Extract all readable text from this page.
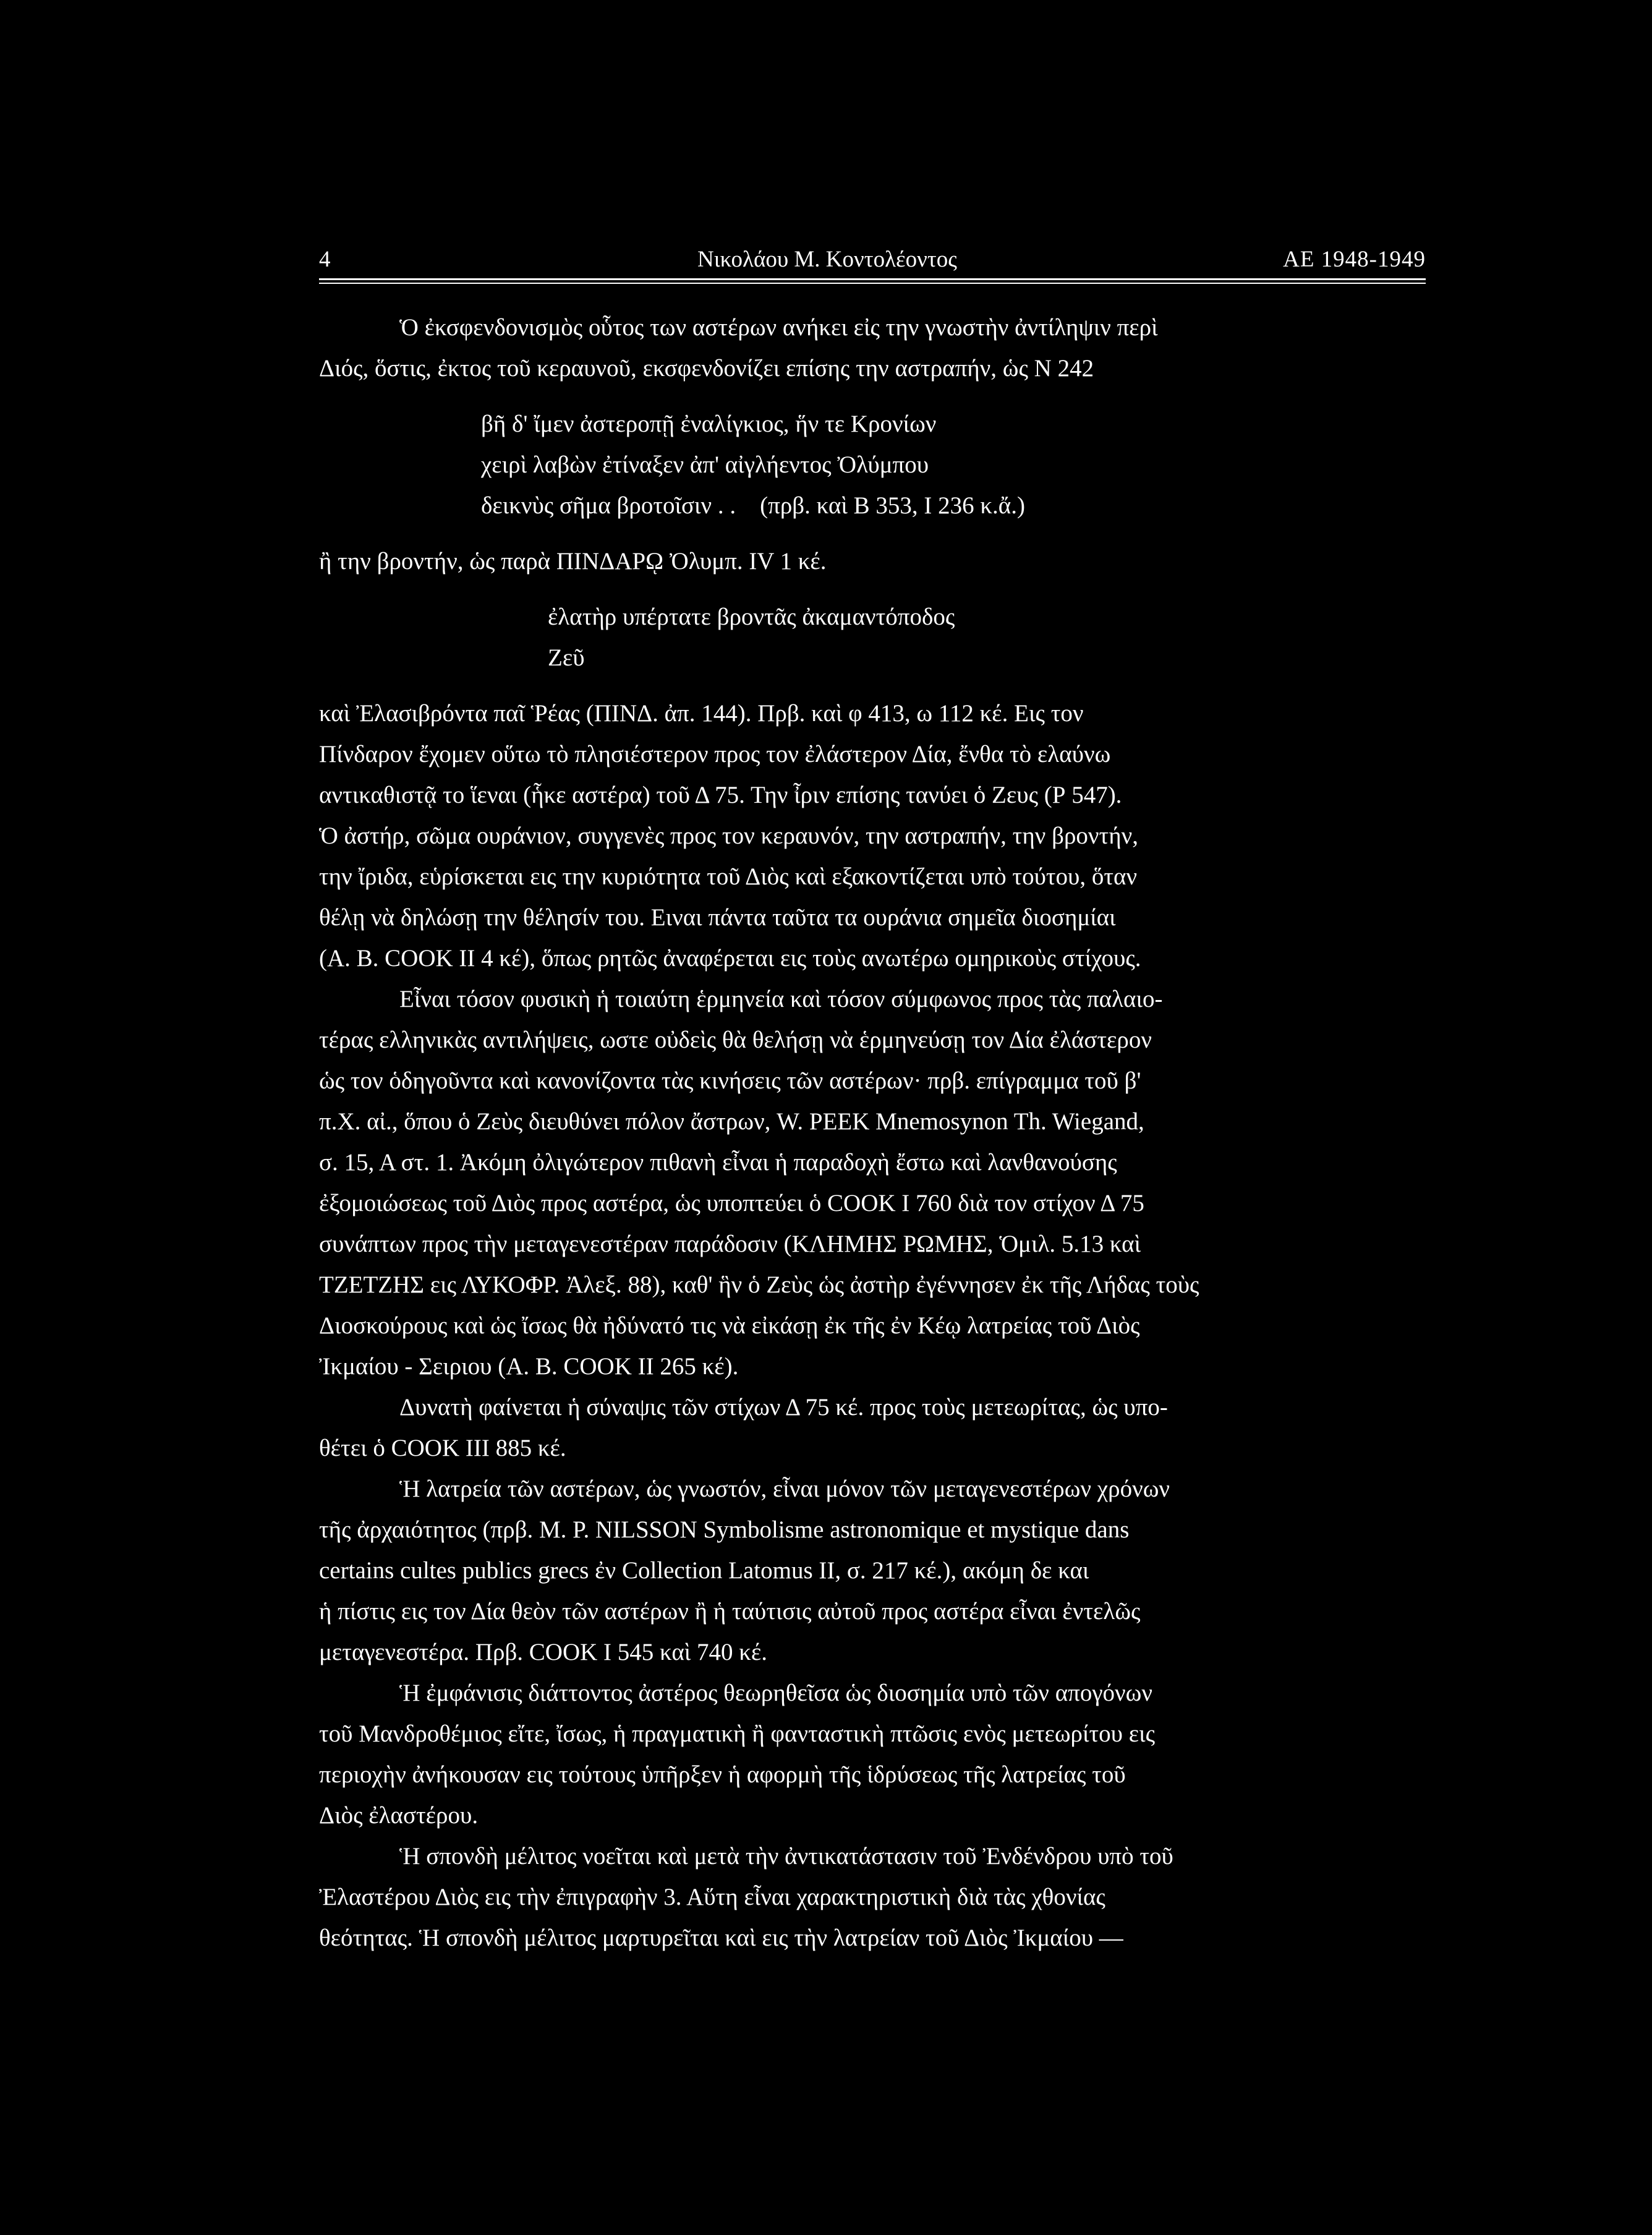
4	Νικολάου Μ. Κοντολέοντος	ΑΕ 1948-1949

Ὁ ἐκσφενδονισμὸς οὗτος των αστέρων ανήκει εἰς την γνωστὴν ἀντίληψιν περὶ

Διός, ὅστις, ἐκτος τοῦ κεραυνοῦ, εκσφενδονίζει επίσης την αστραπήν, ὡς Ν 242

βῆ δ' ἴμεν ἀστεροπῇ ἐναλίγκιος, ἥν τε Κρονίων
χειρὶ λαβὼν ἐτίναξεν ἀπ' αἰγλήεντος Ὀλύμπου
δεικνὺς σῆμα βροτοῖσιν . .    (πρβ. καὶ Β 353, Ι 236 κ.ἄ.)

ἢ την βροντήν, ὡς παρὰ ΠΙΝΔΑΡῼ Ὀλυμπ. IV 1 κέ.

ἐλατὴρ υπέρτατε βροντᾶς ἀκαμαντόποδος
Ζεῦ

καὶ Ἐλασιβρόντα παῖ Ῥέας (ΠΙΝΔ. ἀπ. 144). Πρβ. καὶ φ 413, ω 112 κέ. Εις τον

Πίνδαρον ἔχομεν οὕτω τὸ πλησιέστερον προς τον ἐλάστερον Δία, ἔνθα τὸ ελαύνω

αντικαθιστᾷ το ἵεναι (ἧκε αστέρα) τοῦ Δ 75. Την ἶριν επίσης τανύει ὁ Ζευς (Ρ 547).

Ὁ ἀστήρ, σῶμα ουράνιον, συγγενὲς προς τον κεραυνόν, την αστραπήν, την βροντήν,

την ἴριδα, εὑρίσκεται εις την κυριότητα τοῦ Διὸς καὶ εξακοντίζεται υπὸ τούτου, ὅταν

θέλῃ νὰ δηλώσῃ την θέλησίν του. Ειναι πάντα ταῦτα τα ουράνια σημεῖα διοσημίαι

(A. B. COOK II 4 κέ), ὅπως ρητῶς ἀναφέρεται εις τοὺς ανωτέρω ομηρικοὺς στίχους.

Εἶναι τόσον φυσικὴ ἡ τοιαύτη ἑρμηνεία καὶ τόσον σύμφωνος προς τὰς παλαιο-

τέρας ελληνικὰς αντιλήψεις, ωστε οὐδεὶς θὰ θελήσῃ νὰ ἑρμηνεύσῃ τον Δία ἐλάστερον

ὡς τον ὁδηγοῦντα καὶ κανονίζοντα τὰς κινήσεις τῶν αστέρων· πρβ. επίγραμμα τοῦ β'

π.Χ. αἰ., ὅπου ὁ Ζεὺς διευθύνει πόλον ἄστρων, W. PEEK Mnemosynon Th. Wiegand,

σ. 15, Α στ. 1. Ἀκόμη ὀλιγώτερον πιθανὴ εἶναι ἡ παραδοχὴ ἔστω καὶ λανθανούσης

ἐξομοιώσεως τοῦ Διὸς προς αστέρα, ὡς υποπτεύει ὁ COOK I 760 διὰ τον στίχον Δ 75

συνάπτων προς τὴν μεταγενεστέραν παράδοσιν (ΚΛΗΜΗΣ ΡΩΜΗΣ, Ὁμιλ. 5.13 καὶ

ΤΖΕΤΖΗΣ εις ΛΥΚΟΦΡ. Ἀλεξ. 88), καθ' ἣν ὁ Ζεὺς ὡς ἀστὴρ ἐγέννησεν ἐκ τῆς Λήδας τοὺς

Διοσκούρους καὶ ὡς ἴσως θὰ ἠδύνατό τις νὰ εἰκάσῃ ἐκ τῆς ἐν Κέῳ λατρείας τοῦ Διὸς

Ἰκμαίου - Σειριου (A. B. COOK II 265 κέ).

Δυνατὴ φαίνεται ἡ σύναψις τῶν στίχων Δ 75 κέ. προς τοὺς μετεωρίτας, ὡς υπο-

θέτει ὁ COOK III 885 κέ.

Ἡ λατρεία τῶν αστέρων, ὡς γνωστόν, εἶναι μόνον τῶν μεταγενεστέρων χρόνων

τῆς ἀρχαιότητος (πρβ. M. P. NILSSON Symbolisme astronomique et mystique dans

certains cultes publics grecs ἐν Collection Latomus II, σ. 217 κέ.), ακόμη δε και

ἡ πίστις εις τον Δία θεὸν τῶν αστέρων ἢ ἡ ταύτισις αὐτοῦ προς αστέρα εἶναι ἐντελῶς

μεταγενεστέρα. Πρβ. COOK I 545 καὶ 740 κέ.

Ἡ ἐμφάνισις διάττοντος ἀστέρος θεωρηθεῖσα ὡς διοσημία υπὸ τῶν απογόνων

τοῦ Μανδροθέμιος εἴτε, ἴσως, ἡ πραγματικὴ ἢ φανταστικὴ πτῶσις ενὸς μετεωρίτου εις

περιοχὴν ἀνήκουσαν εις τούτους ὑπῆρξεν ἡ αφορμὴ τῆς ἱδρύσεως τῆς λατρείας τοῦ

Διὸς ἐλαστέρου.

Ἡ σπονδὴ μέλιτος νοεῖται καὶ μετὰ τὴν ἀντικατάστασιν τοῦ Ἐνδένδρου υπὸ τοῦ

Ἐλαστέρου Διὸς εις τὴν ἐπιγραφὴν 3. Αὕτη εἶναι χαρακτηριστικὴ διὰ τὰς χθονίας

θεότητας. Ἡ σπονδὴ μέλιτος μαρτυρεῖται καὶ εις τὴν λατρείαν τοῦ Διὸς Ἰκμαίου —
